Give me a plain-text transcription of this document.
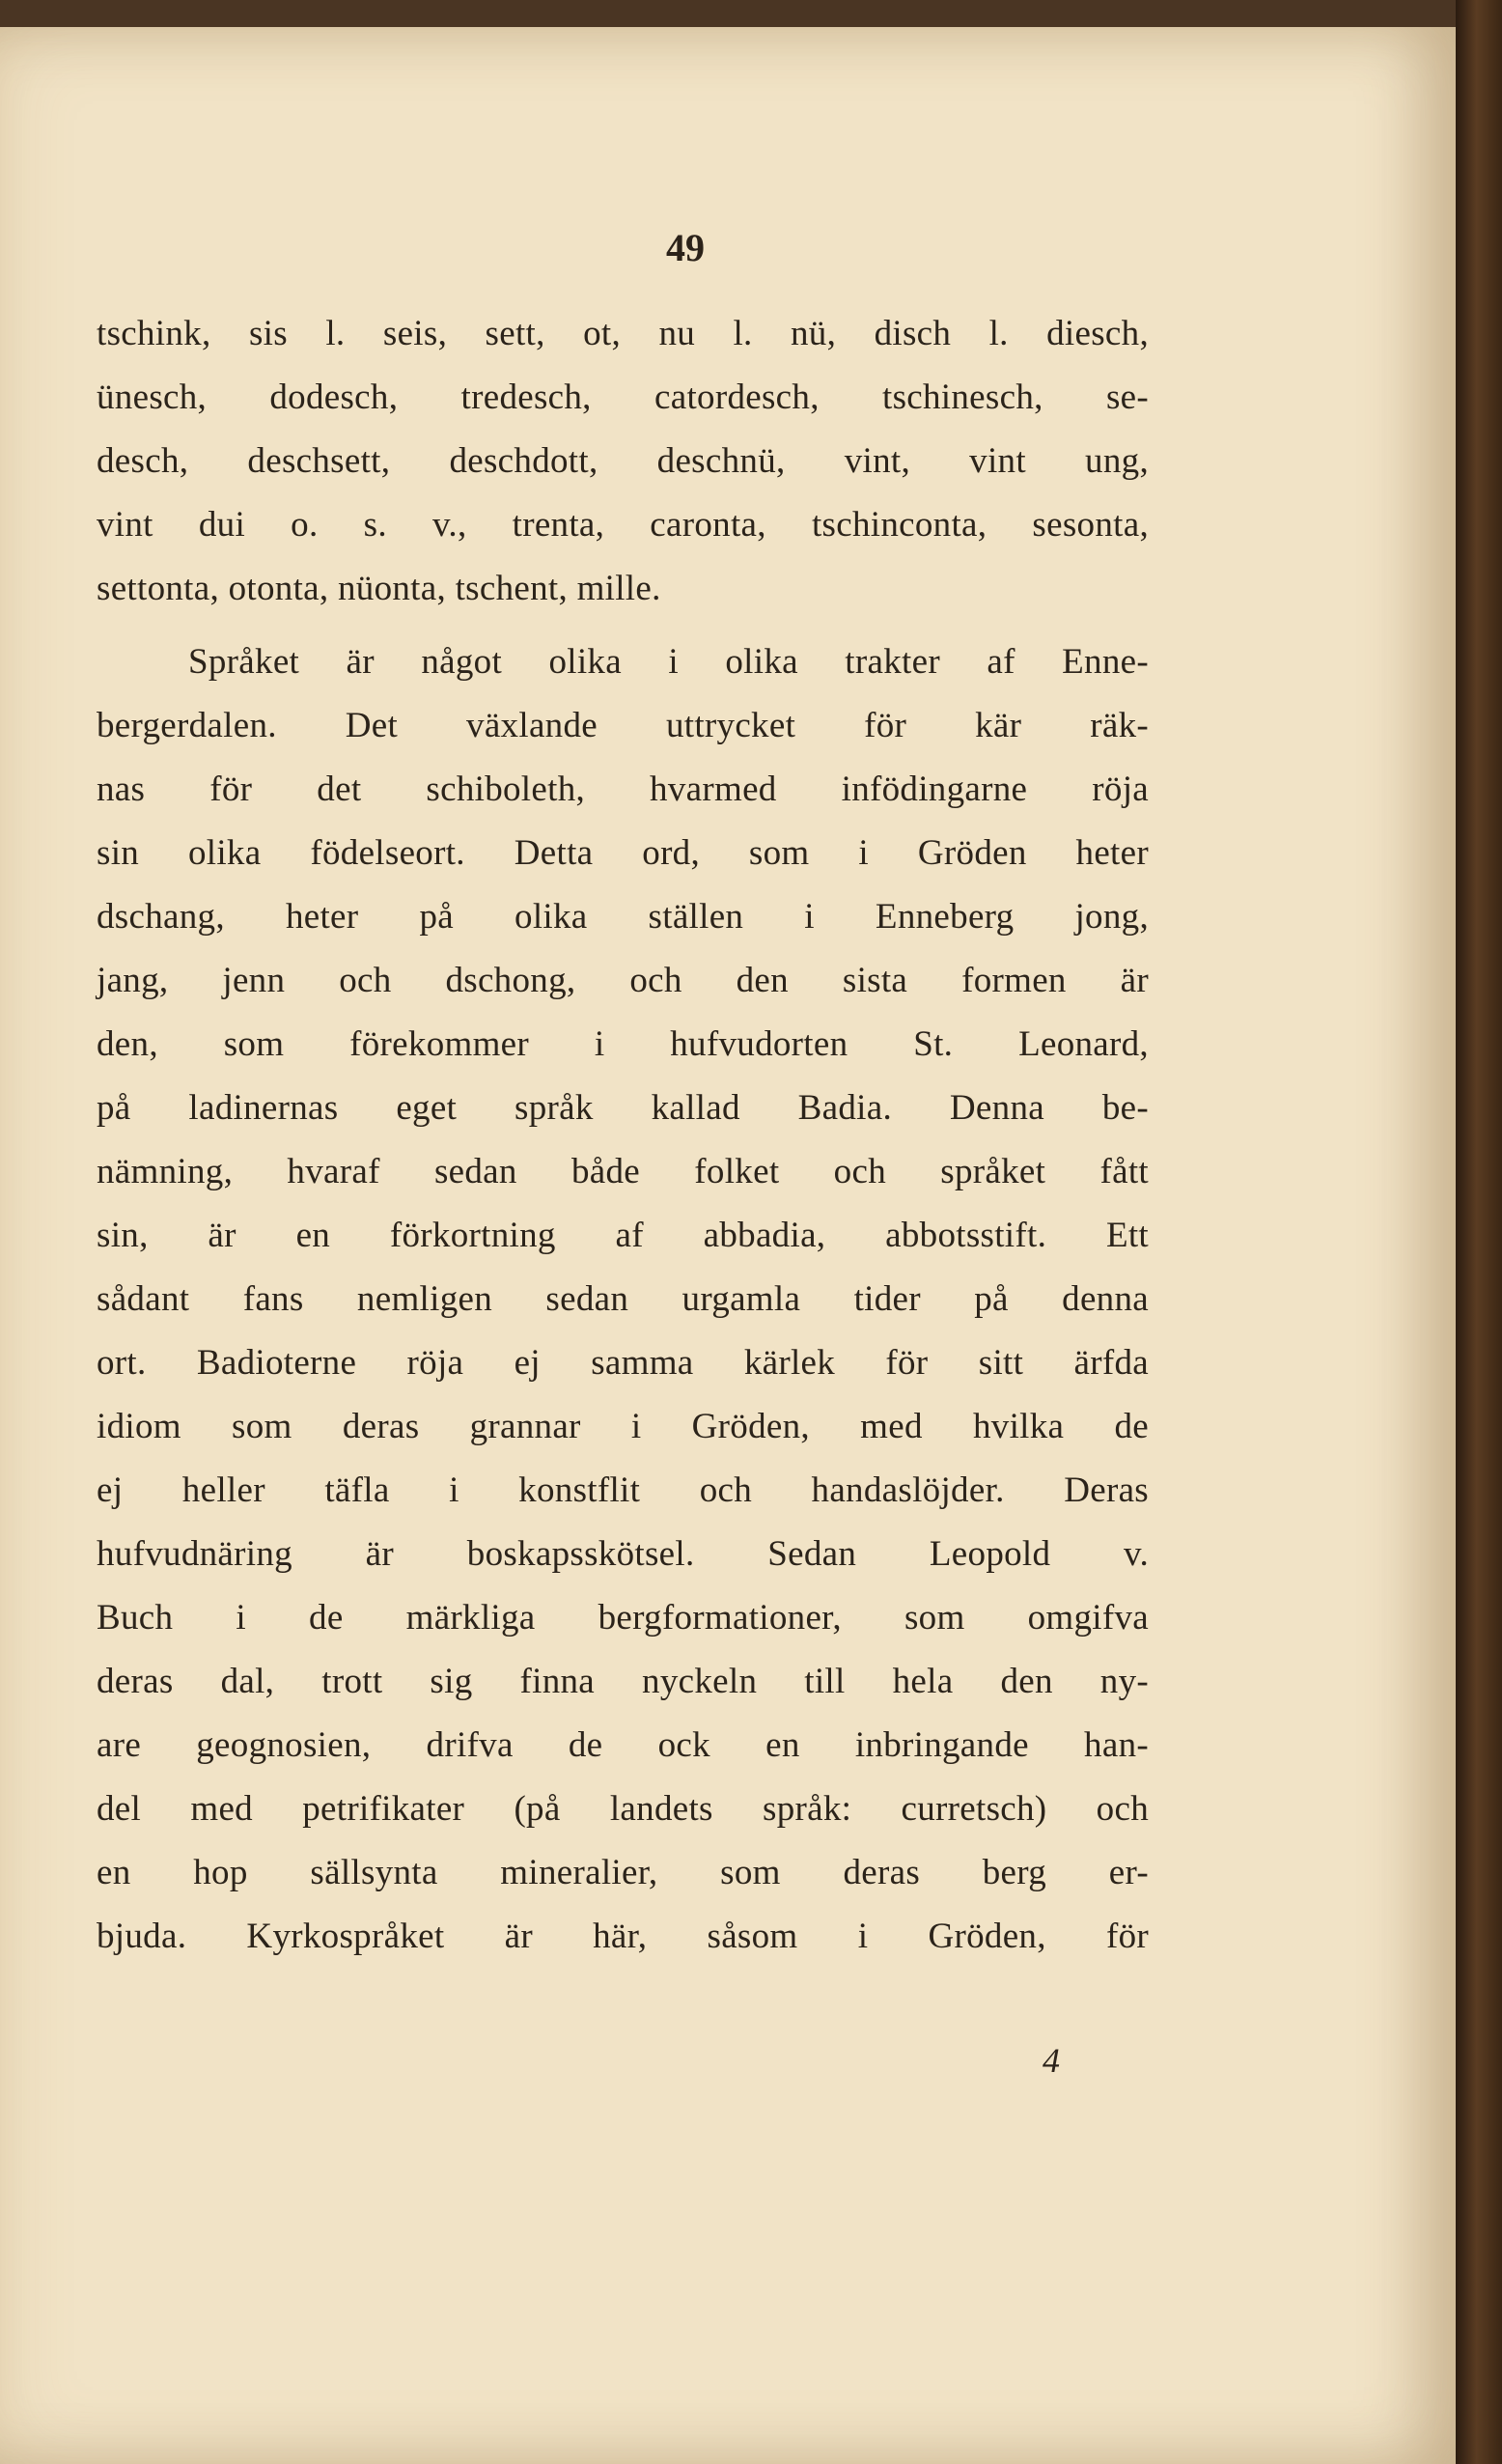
49
tschink, sis l. seis, sett, ot, nu l. nü, disch l. diesch,
ünesch, dodesch, tredesch, catordesch, tschinesch, se-
desch, deschsett, deschdott, deschnü, vint, vint ung,
vint dui o. s. v., trenta, caronta, tschinconta, sesonta,
settonta, otonta, nüonta, tschent, mille.
Språket är något olika i olika trakter af Enne-
bergerdalen. Det växlande uttrycket för kär räk-
nas för det schiboleth, hvarmed infödingarne röja
sin olika födelseort. Detta ord, som i Gröden heter
dschang, heter på olika ställen i Enneberg jong,
jang, jenn och dschong, och den sista formen är
den, som förekommer i hufvudorten St. Leonard,
på ladinernas eget språk kallad Badia. Denna be-
nämning, hvaraf sedan både folket och språket fått
sin, är en förkortning af abbadia, abbotsstift. Ett
sådant fans nemligen sedan urgamla tider på denna
ort. Badioterne röja ej samma kärlek för sitt ärfda
idiom som deras grannar i Gröden, med hvilka de
ej heller täfla i konstflit och handaslöjder. Deras
hufvudnäring är boskapsskötsel. Sedan Leopold v.
Buch i de märkliga bergformationer, som omgifva
deras dal, trott sig finna nyckeln till hela den ny-
are geognosien, drifva de ock en inbringande han-
del med petrifikater (på landets språk: curretsch) och
en hop sällsynta mineralier, som deras berg er-
bjuda. Kyrkospråket är här, såsom i Gröden, för
4
